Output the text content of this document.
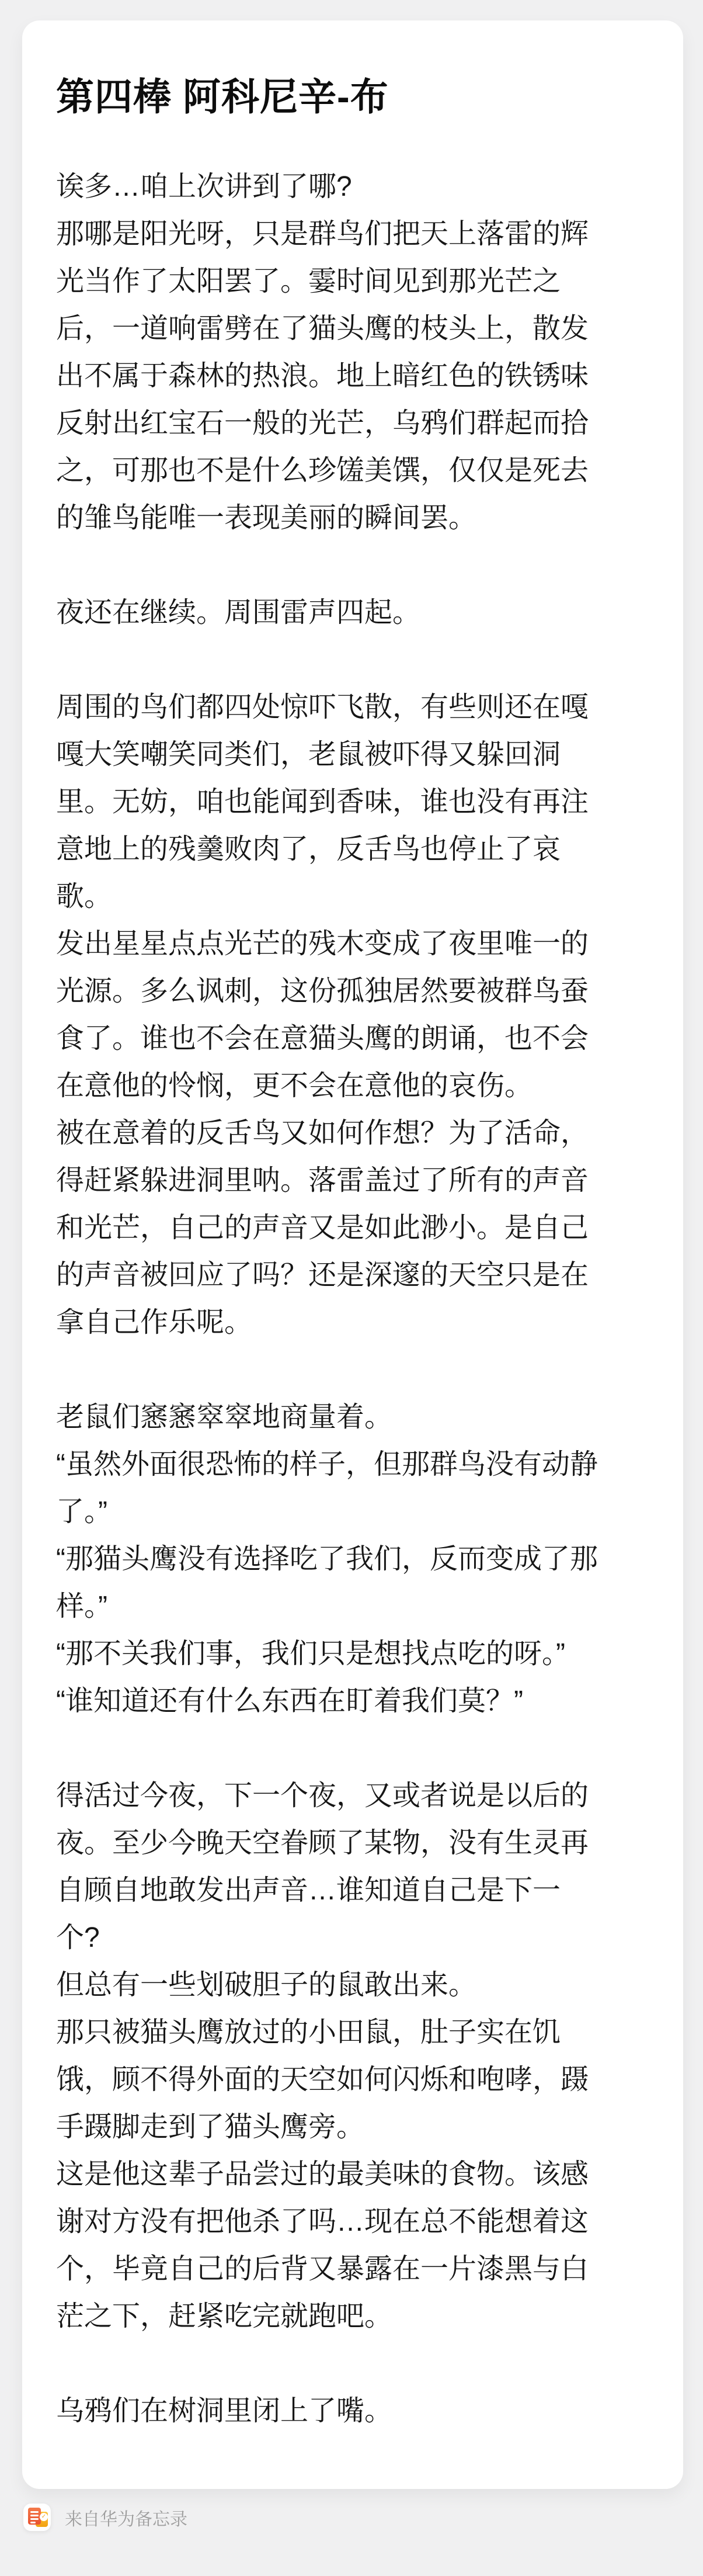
第四棒 阿科尼辛-布
诶多…咱上次讲到了哪?
那哪是阳光呀，只是群鸟们把天上落雷的辉
光当作了太阳罢了。霎时间见到那光芒之
后，一道响雷劈在了猫头鹰的枝头上，散发
出不属于森林的热浪。地上暗红色的铁锈味
反射出红宝石一般的光芒，乌鸦们群起而拾
之，可那也不是什么珍馐美馔，仅仅是死去
的雏鸟能唯一表现美丽的瞬间罢。
夜还在继续。周围雷声四起。
周围的鸟们都四处惊吓飞散，有些则还在嘎
嘎大笑嘲笑同类们，老鼠被吓得又躲回洞
里。无妨，咱也能闻到香味，谁也没有再注
意地上的残羹败肉了，反舌鸟也停止了哀
歌。
发出星星点点光芒的残木变成了夜里唯一的
光源。多么讽刺，这份孤独居然要被群鸟蚕
食了。谁也不会在意猫头鹰的朗诵，也不会
在意他的怜悯，更不会在意他的哀伤。
被在意着的反舌鸟又如何作想？为了活命，
得赶紧躲进洞里呐。落雷盖过了所有的声音
和光芒，自己的声音又是如此渺小。是自己
的声音被回应了吗？还是深邃的天空只是在
拿自己作乐呢。
老鼠们窸窸窣窣地商量着。
“虽然外面很恐怖的样子，但那群鸟没有动静
了。”
“那猫头鹰没有选择吃了我们，反而变成了那
样。”
“那不关我们事，我们只是想找点吃的呀。”
“谁知道还有什么东西在盯着我们莫？”
得活过今夜，下一个夜，又或者说是以后的
夜。至少今晚天空眷顾了某物，没有生灵再
自顾自地敢发出声音…谁知道自己是下一
个?
但总有一些划破胆子的鼠敢出来。
那只被猫头鹰放过的小田鼠，肚子实在饥
饿，顾不得外面的天空如何闪烁和咆哮，蹑
手蹑脚走到了猫头鹰旁。
这是他这辈子品尝过的最美味的食物。该感
谢对方没有把他杀了吗…现在总不能想着这
个，毕竟自己的后背又暴露在一片漆黑与白
茫之下，赶紧吃完就跑吧。
乌鸦们在树洞里闭上了嘴。
✓ 来自华为备忘录
